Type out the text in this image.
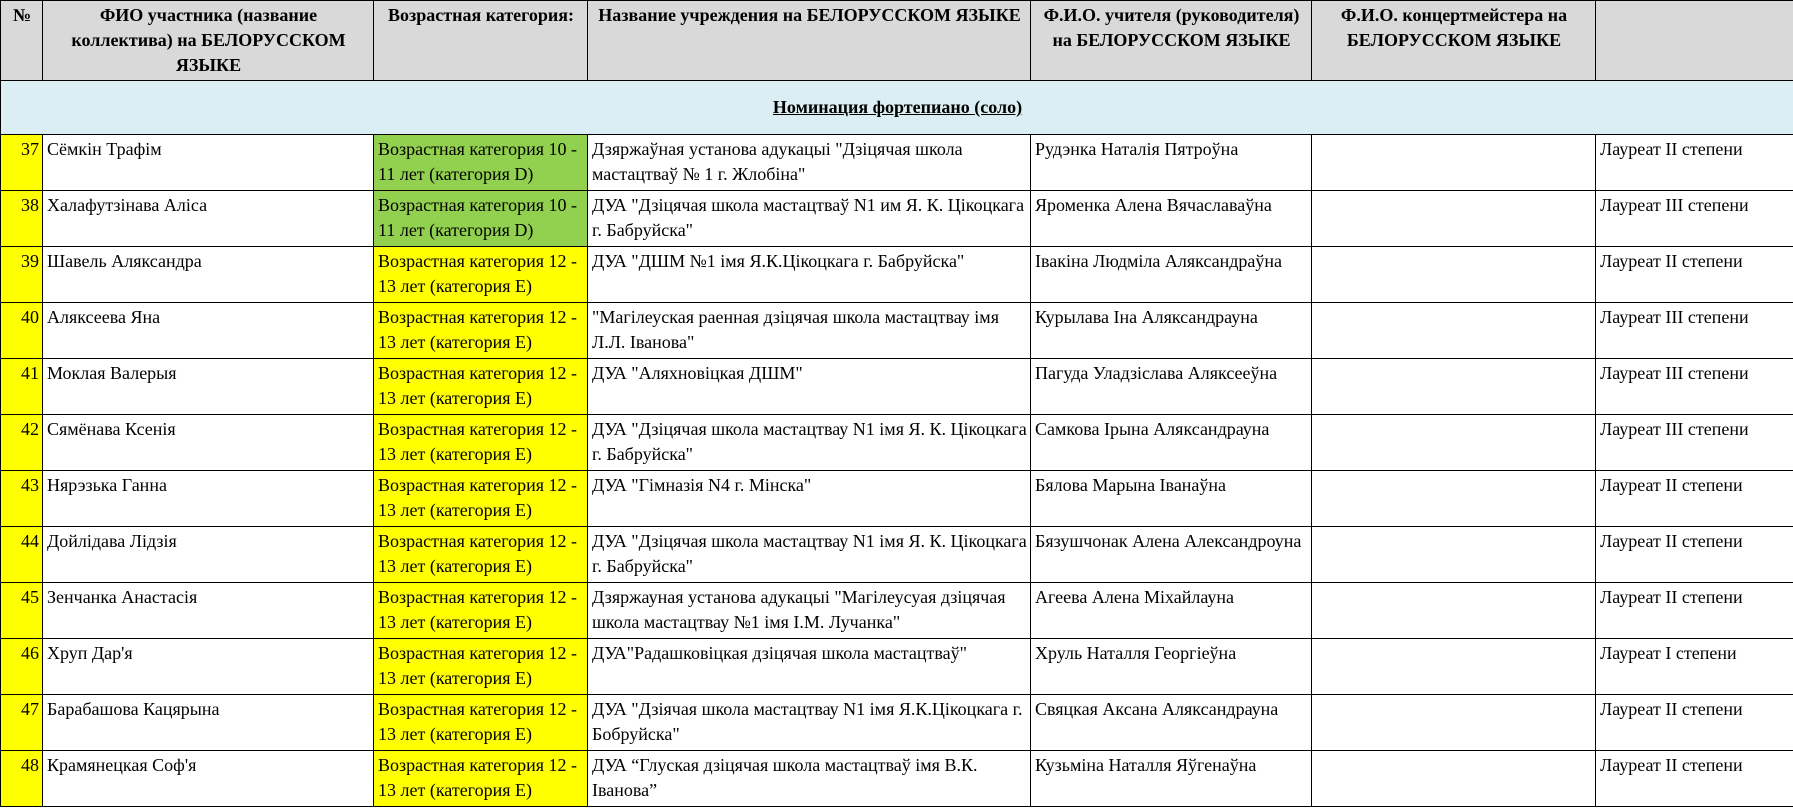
№	ФИО участника (название коллектива) на БЕЛОРУССКОМ ЯЗЫКЕ	Возрастная категория:	Название учреждения на БЕЛОРУССКОМ ЯЗЫКЕ	Ф.И.О. учителя (руководителя) на БЕЛОРУССКОМ ЯЗЫКЕ	Ф.И.О. концертмейстера на БЕЛОРУССКОМ ЯЗЫКЕ	
Номинация фортепиано (соло)						
37	Сёмкін Трафім	Возрастная категория 10 - 11 лет (категория D)	Дзяржаўная установа адукацыі "Дзіцячая школа мастацтваў № 1 г. Жлобіна"	Рудэнка Наталія Пятроўна		Лауреат II степени
38	Халафутзінава Аліса	Возрастная категория 10 - 11 лет (категория D)	ДУА "Дзіцячая школа мастацтваў N1 им Я. К. Цікоцкага г. Бабруйска"	Яроменка Алена Вячаславаўна		Лауреат III степени
39	Шавель Аляксандра	Возрастная категория 12 - 13 лет (категория E)	ДУА "ДШМ №1 імя Я.К.Цікоцкага г. Бабруйска"	Івакіна Людміла Аляксандраўна		Лауреат II степени
40	Аляксеева Яна	Возрастная категория 12 - 13 лет (категория E)	"Магілеуская раенная дзіцячая школа мастацтвау імя Л.Л. Іванова"	Курылава Іна Аляксандрауна		Лауреат III степени
41	Моклая Валерыя	Возрастная категория 12 - 13 лет (категория E)	ДУА "Аляхновіцкая ДШМ"	Пагуда Уладзіслава Аляксееўна		Лауреат III степени
42	Сямёнава Ксенія	Возрастная категория 12 - 13 лет (категория E)	ДУА "Дзіцячая школа мастацтвау N1 імя Я. К. Цікоцкага г. Бабруйска"	Самкова Ірына Аляксандрауна		Лауреат III степени
43	Нярэзька Ганна	Возрастная категория 12 - 13 лет (категория E)	ДУА "Гімназія N4 г. Мінска"	Бялова Марына Іванаўна		Лауреат II степени
44	Дойлідава Лідзія	Возрастная категория 12 - 13 лет (категория E)	ДУА "Дзіцячая школа мастацтвау N1 імя Я. К. Цікоцкага г. Бабруйска"	Бязушчонак Алена Александроуна		Лауреат II степени
45	Зенчанка Анастасія	Возрастная категория 12 - 13 лет (категория E)	Дзяржауная установа адукацыі "Магілеусуая дзіцячая школа мастацтвау №1 імя І.М. Лучанка"	Агеева Алена Міхайлауна		Лауреат II степени
46	Хруп Дар'я	Возрастная категория 12 - 13 лет (категория E)	ДУА"Радашковіцкая дзіцячая школа мастацтваў"	Хруль Наталля Георгіеўна		Лауреат I степени
47	Барабашова Кацярына	Возрастная категория 12 - 13 лет (категория E)	ДУА "Дзіячая школа мастацтвау N1 імя Я.К.Цікоцкага г. Бобруйска"	Свяцкая Аксана Аляксандрауна		Лауреат II степени
48	Крамянецкая Соф'я	Возрастная категория 12 - 13 лет (категория E)	ДУА “Глуская дзіцячая школа мастацтваў імя В.К. Іванова”	Кузьміна Наталля Яўгенаўна		Лауреат II степени
